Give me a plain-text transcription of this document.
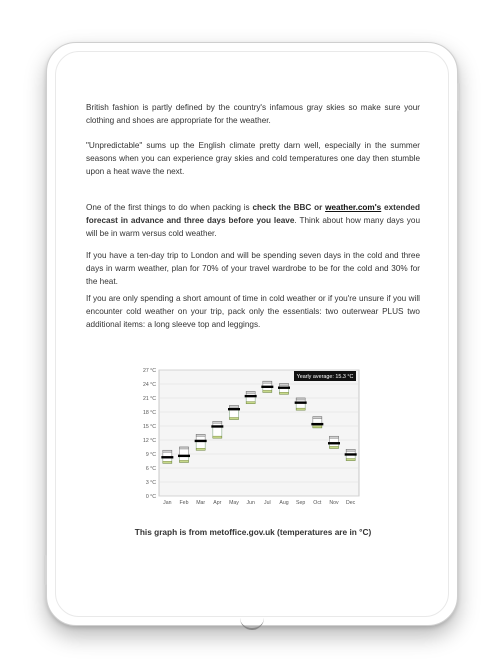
British fashion is partly defined by the country's infamous gray skies so make sure your clothing and shoes are appropriate for the weather.

"Unpredictable" sums up the English climate pretty darn well, especially in the summer seasons when you can experience gray skies and cold temperatures one day then stumble upon a heat wave the next.

One of the first things to do when packing is check the BBC or weather.com's extended forecast in advance and three days before you leave. Think about how many days you will be in warm versus cold weather.

If you have a ten-day trip to London and will be spending seven days in the cold and three days in warm weather, plan for 70% of your travel wardrobe to be for the cold and 30% for the heat.

If you are only spending a short amount of time in cold weather or if you're unsure if you will encounter cold weather on your trip, pack only the essentials: two outerwear PLUS two additional items: a long sleeve top and leggings.

0 °C
3 °C
6 °C
9 °C
12 °C
15 °C
18 °C
21 °C
24 °C
27 °C
Jan Feb Mar Apr May Jun Jul Aug Sep Oct Nov Dec
Yearly average: 15.3 °C
This graph is from metoffice.gov.uk (temperatures are in °C)
